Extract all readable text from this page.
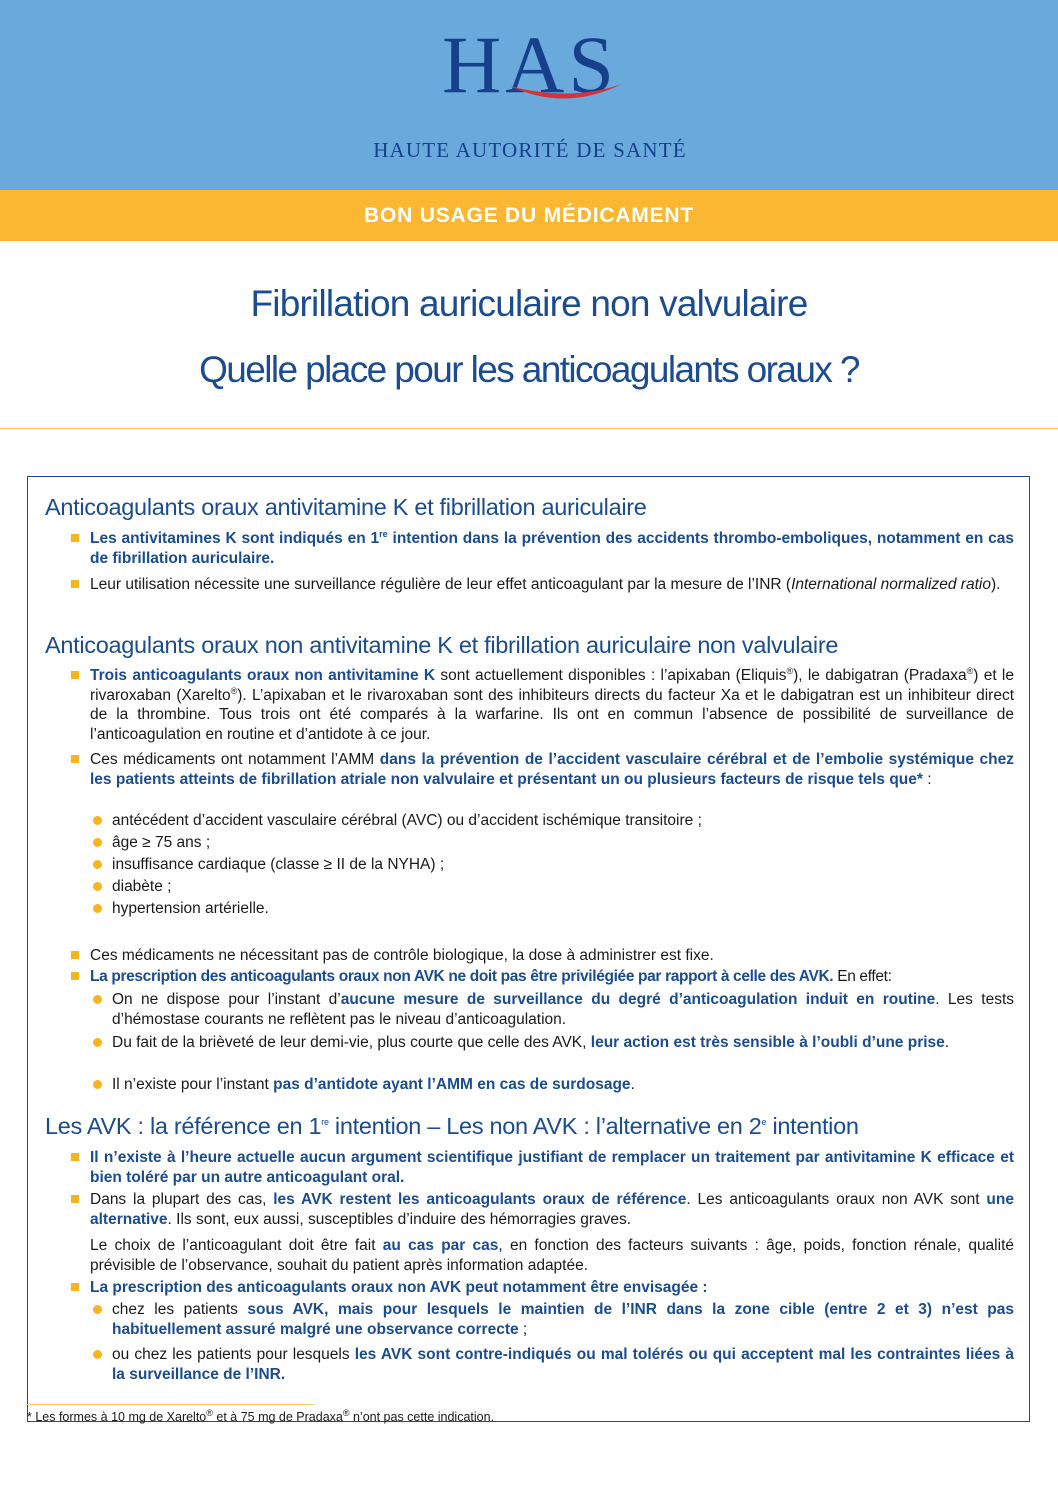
HAS
HAUTE AUTORITÉ DE SANTÉ
BON USAGE DU MÉDICAMENT
Fibrillation auriculaire non valvulaire
Quelle place pour les anticoagulants oraux ?
Anticoagulants oraux antivitamine K et fibrillation auriculaire
Les antivitamines K sont indiqués en 1re intention dans la prévention des accidents thrombo-emboliques, notamment en cas de fibrillation auriculaire.
Leur utilisation nécessite une surveillance régulière de leur effet anticoagulant par la mesure de l’INR (International normalized ratio).
Anticoagulants oraux non antivitamine K et fibrillation auriculaire non valvulaire
Trois anticoagulants oraux non antivitamine K sont actuellement disponibles : l’apixaban (Eliquis®), le dabigatran (Pradaxa®) et le rivaroxaban (Xarelto®). L’apixaban et le rivaroxaban sont des inhibiteurs directs du facteur Xa et le dabigatran est un inhibiteur direct de la thrombine. Tous trois ont été comparés à la warfarine. Ils ont en commun l’absence de possibilité de surveillance de l’anticoagulation en routine et d’antidote à ce jour.
Ces médicaments ont notamment l’AMM dans la prévention de l’accident vasculaire cérébral et de l’embolie systémique chez les patients atteints de fibrillation atriale non valvulaire et présentant un ou plusieurs facteurs de risque tels que* :
antécédent d’accident vasculaire cérébral (AVC) ou d’accident ischémique transitoire ;
âge ≥ 75 ans ;
insuffisance cardiaque (classe ≥ II de la NYHA) ;
diabète ;
hypertension artérielle.
Ces médicaments ne nécessitant pas de contrôle biologique, la dose à administrer est fixe.
La prescription des anticoagulants oraux non AVK ne doit pas être privilégiée par rapport à celle des AVK. En effet:
On ne dispose pour l’instant d’aucune mesure de surveillance du degré d’anticoagulation induit en routine. Les tests d’hémostase courants ne reflètent pas le niveau d’anticoagulation.
Du fait de la brièveté de leur demi-vie, plus courte que celle des AVK, leur action est très sensible à l’oubli d’une prise.
Il n’existe pour l’instant pas d’antidote ayant l’AMM en cas de surdosage.
Les AVK : la référence en 1re intention – Les non AVK : l’alternative en 2e intention
Il n’existe à l’heure actuelle aucun argument scientifique justifiant de remplacer un traitement par antivitamine K efficace et bien toléré par un autre anticoagulant oral.
Dans la plupart des cas, les AVK restent les anticoagulants oraux de référence. Les anticoagulants oraux non AVK sont une alternative. Ils sont, eux aussi, susceptibles d’induire des hémorragies graves.
Le choix de l’anticoagulant doit être fait au cas par cas, en fonction des facteurs suivants : âge, poids, fonction rénale, qualité prévisible de l’observance, souhait du patient après information adaptée.
La prescription des anticoagulants oraux non AVK peut notamment être envisagée :
chez les patients sous AVK, mais pour lesquels le maintien de l’INR dans la zone cible (entre 2 et 3) n’est pas habituellement assuré malgré une observance correcte ;
ou chez les patients pour lesquels les AVK sont contre-indiqués ou mal tolérés ou qui acceptent mal les contraintes liées à la surveillance de l’INR.
* Les formes à 10 mg de Xarelto® et à 75 mg de Pradaxa® n’ont pas cette indication.
